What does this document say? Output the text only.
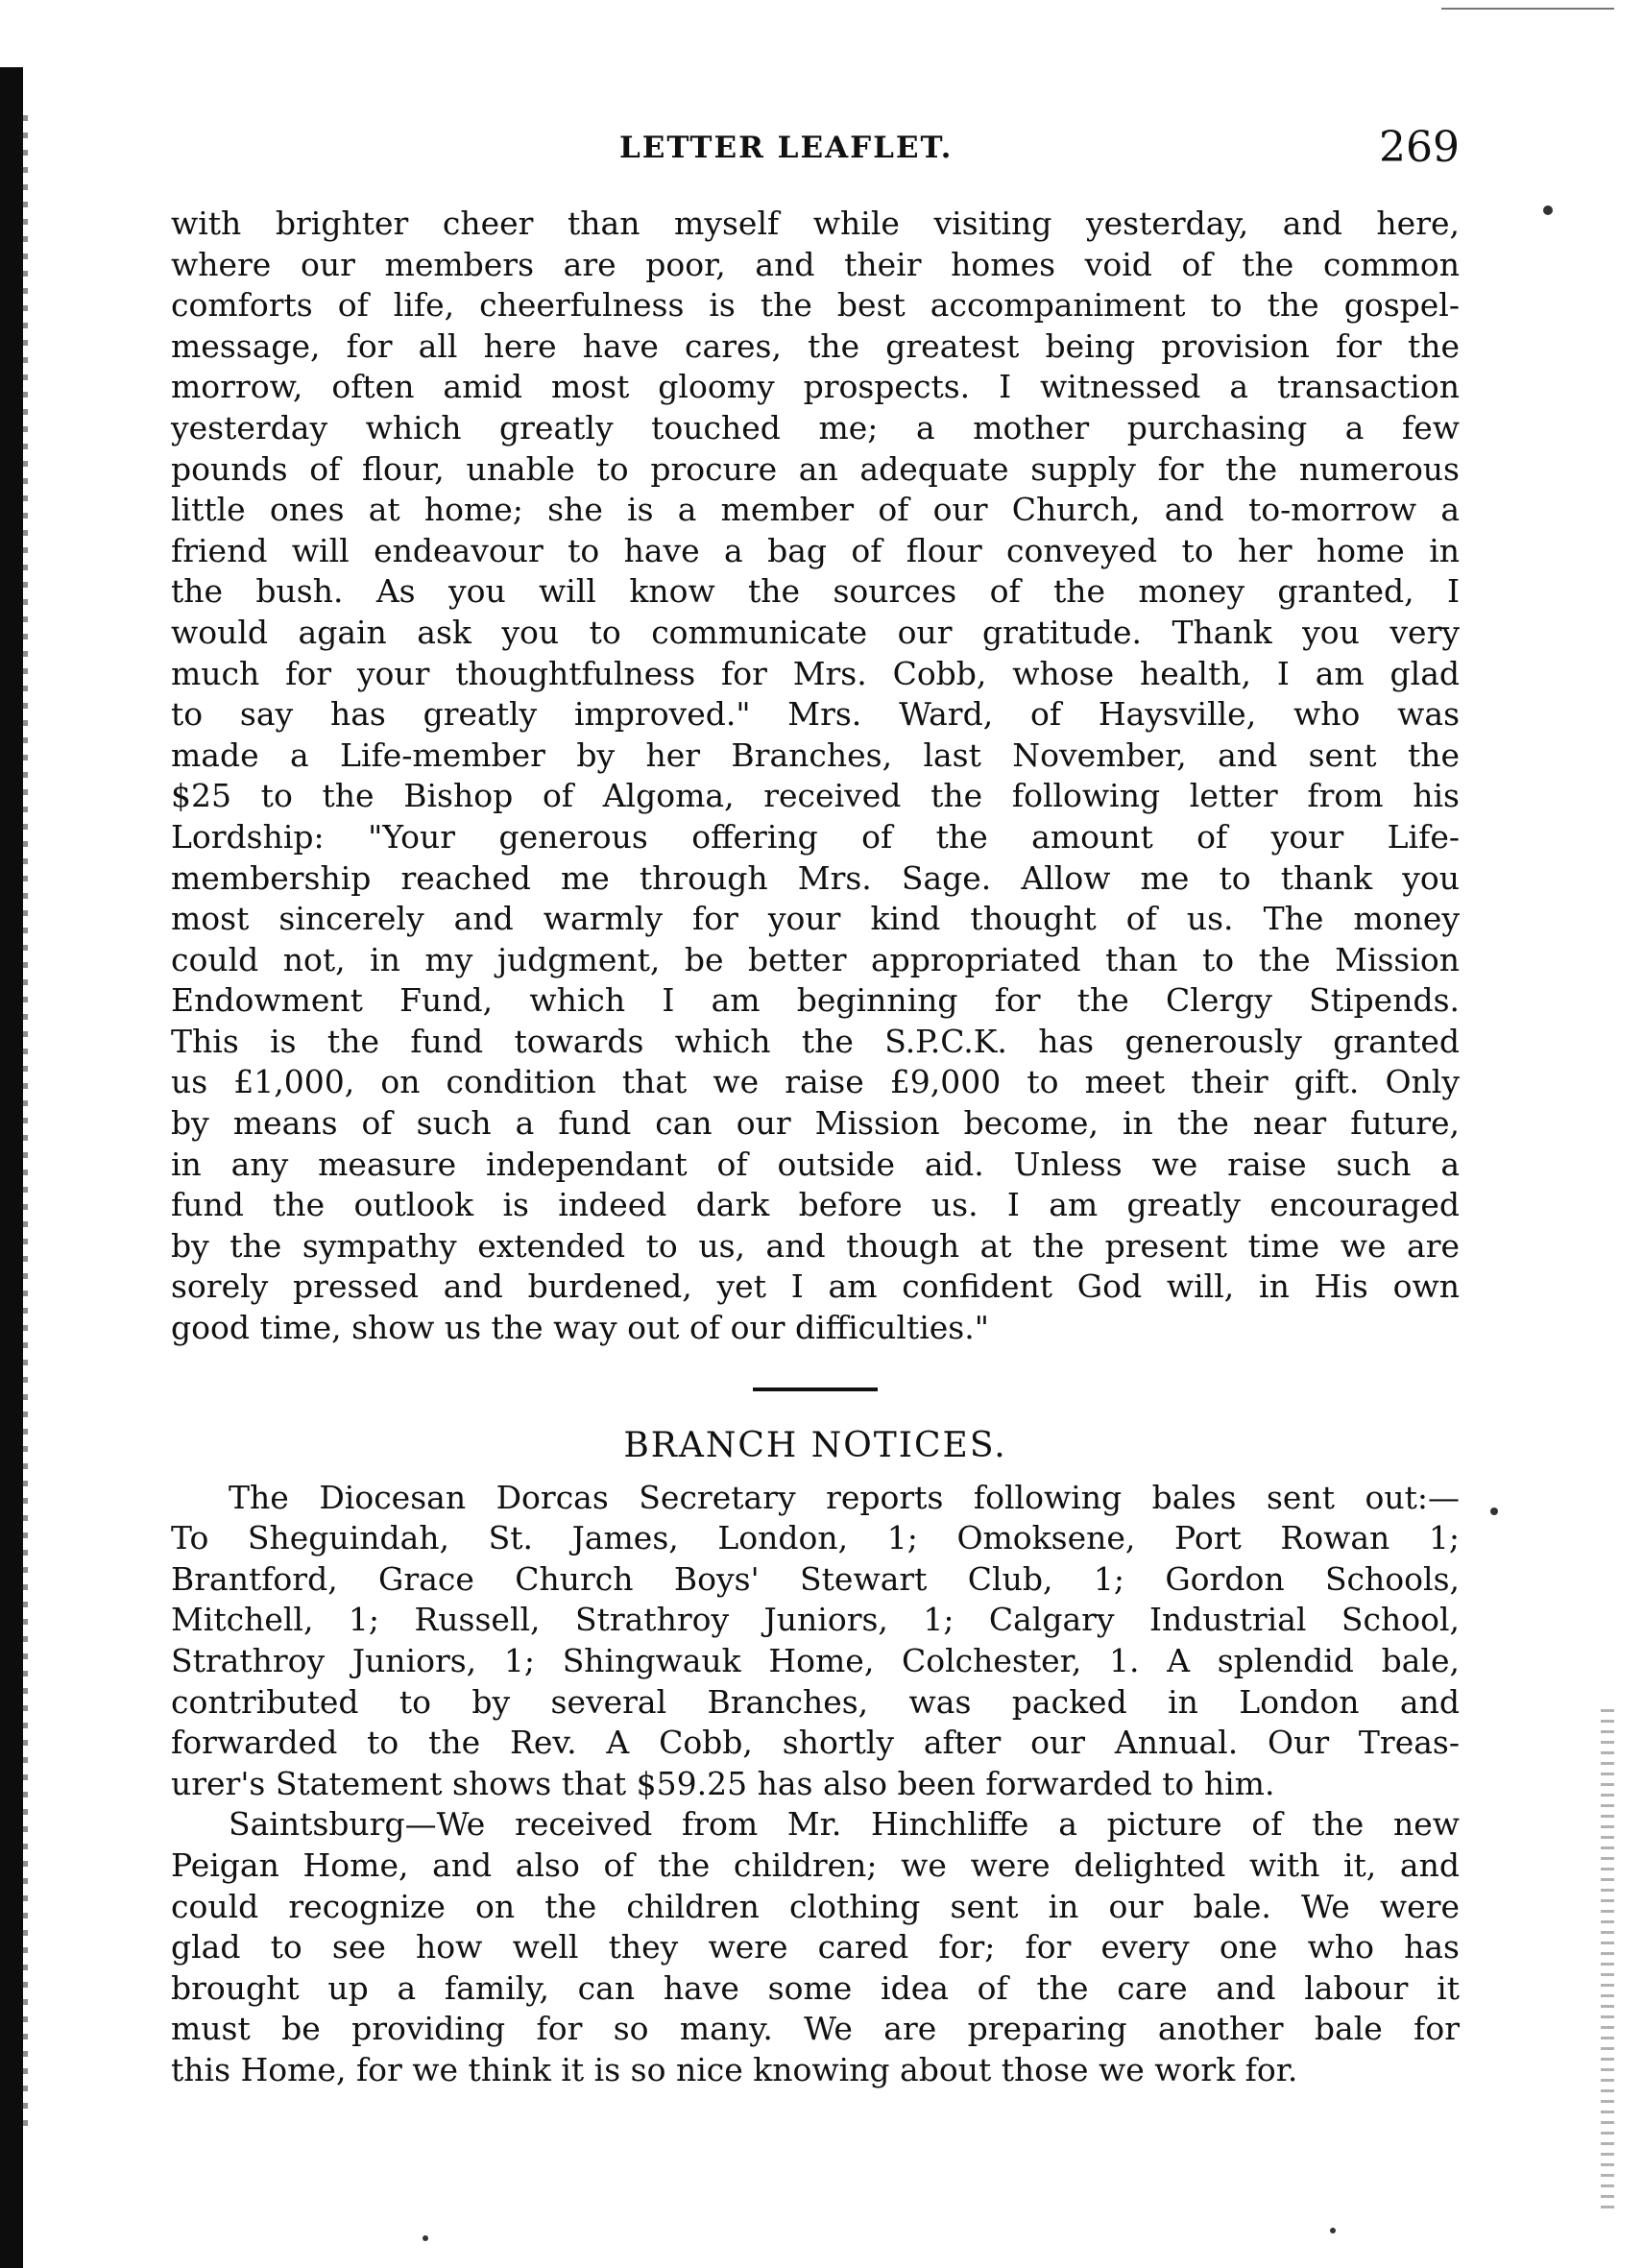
LETTER LEAFLET.	269
with brighter cheer than myself while visiting yesterday, and here,
where our members are poor, and their homes void of the common
comforts of life, cheerfulness is the best accompaniment to the gospel-
message, for all here have cares, the greatest being provision for the
morrow, often amid most gloomy prospects. I witnessed a transaction
yesterday which greatly touched me; a mother purchasing a few
pounds of flour, unable to procure an adequate supply for the numerous
little ones at home; she is a member of our Church, and to-morrow a
friend will endeavour to have a bag of flour conveyed to her home in
the bush. As you will know the sources of the money granted, I
would again ask you to communicate our gratitude. Thank you very
much for your thoughtfulness for Mrs. Cobb, whose health, I am glad
to say has greatly improved." Mrs. Ward, of Haysville, who was
made a Life-member by her Branches, last November, and sent the
$25 to the Bishop of Algoma, received the following letter from his
Lordship: "Your generous offering of the amount of your Life-
membership reached me through Mrs. Sage. Allow me to thank you
most sincerely and warmly for your kind thought of us. The money
could not, in my judgment, be better appropriated than to the Mission
Endowment Fund, which I am beginning for the Clergy Stipends.
This is the fund towards which the S.P.C.K. has generously granted
us £1,000, on condition that we raise £9,000 to meet their gift. Only
by means of such a fund can our Mission become, in the near future,
in any measure independant of outside aid. Unless we raise such a
fund the outlook is indeed dark before us. I am greatly encouraged
by the sympathy extended to us, and though at the present time we are
sorely pressed and burdened, yet I am confident God will, in His own
good time, show us the way out of our difficulties."
BRANCH NOTICES.
The Diocesan Dorcas Secretary reports following bales sent out:—
To Sheguindah, St. James, London, 1; Omoksene, Port Rowan 1;
Brantford, Grace Church Boys' Stewart Club, 1; Gordon Schools,
Mitchell, 1; Russell, Strathroy Juniors, 1; Calgary Industrial School,
Strathroy Juniors, 1; Shingwauk Home, Colchester, 1. A splendid bale,
contributed to by several Branches, was packed in London and
forwarded to the Rev. A Cobb, shortly after our Annual. Our Treas-
urer's Statement shows that $59.25 has also been forwarded to him.
Saintsburg—We received from Mr. Hinchliffe a picture of the new
Peigan Home, and also of the children; we were delighted with it, and
could recognize on the children clothing sent in our bale. We were
glad to see how well they were cared for; for every one who has
brought up a family, can have some idea of the care and labour it
must be providing for so many. We are preparing another bale for
this Home, for we think it is so nice knowing about those we work for.
